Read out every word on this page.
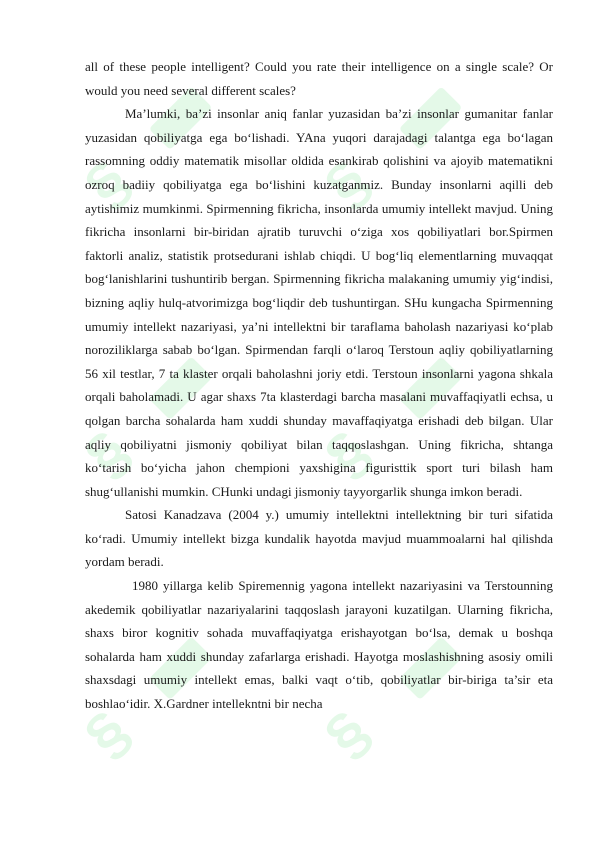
§	§
§	§
§	§

all of these people intelligent? Could you rate their intelligence on a single scale? Or would you need several different scales?

Ma’lumki, ba’zi insonlar aniq fanlar yuzasidan ba’zi insonlar gumanitar fanlar yuzasidan qobiliyatga ega bo‘lishadi. YAna yuqori darajadagi talantga ega bo‘lagan rassomning oddiy matematik misollar oldida esankirab qolishini va ajoyib matematikni ozroq badiiy qobiliyatga ega bo‘lishini kuzatganmiz. Bunday insonlarni aqilli deb aytishimiz mumkinmi. Spirmenning fikricha, insonlarda umumiy intellekt mavjud. Uning fikricha insonlarni bir-biridan ajratib turuvchi o‘ziga xos qobiliyatlari bor.Spirmen faktorli analiz, statistik protsedurani ishlab chiqdi. U bog‘liq elementlarning muvaqqat bog‘lanishlarini tushuntirib bergan. Spirmenning fikricha malakaning umumiy yig‘indisi, bizning aqliy hulq-atvorimizga bog‘liqdir deb tushuntirgan. SHu kungacha Spirmenning umumiy intellekt nazariyasi, ya’ni intellektni bir taraflama baholash nazariyasi ko‘plab noroziliklarga sabab bo‘lgan. Spirmendan farqli o‘laroq Terstoun aqliy qobiliyatlarning 56 xil testlar, 7 ta klaster orqali baholashni joriy etdi. Terstoun insonlarni yagona shkala orqali baholamadi. U agar shaxs 7ta klasterdagi barcha masalani muvaffaqiyatli echsa, u qolgan barcha sohalarda ham xuddi shunday mavaffaqiyatga erishadi deb bilgan. Ular aqliy qobiliyatni jismoniy qobiliyat bilan taqqoslashgan. Uning fikricha, shtanga ko‘tarish bo‘yicha jahon chempioni yaxshigina figuristtik sport turi bilash ham shug‘ullanishi mumkin. CHunki undagi jismoniy tayyorgarlik shunga imkon beradi.

Satosi Kanadzava (2004 y.) umumiy intellektni intellektning bir turi sifatida ko‘radi. Umumiy intellekt bizga kundalik hayotda mavjud muammoalarni hal qilishda yordam beradi.

1980 yillarga kelib Spiremennig yagona intellekt nazariyasini va Terstounning akedemik qobiliyatlar nazariyalarini taqqoslash jarayoni kuzatilgan. Ularning fikricha, shaxs biror kognitiv sohada muvaffaqiyatga erishayotgan bo‘lsa, demak u boshqa sohalarda ham xuddi shunday zafarlarga erishadi. Hayotga moslashishning asosiy omili shaxsdagi umumiy intellekt emas, balki vaqt o‘tib, qobiliyatlar bir-biriga ta’sir eta boshlao‘idir. X.Gardner intellekntni bir necha
